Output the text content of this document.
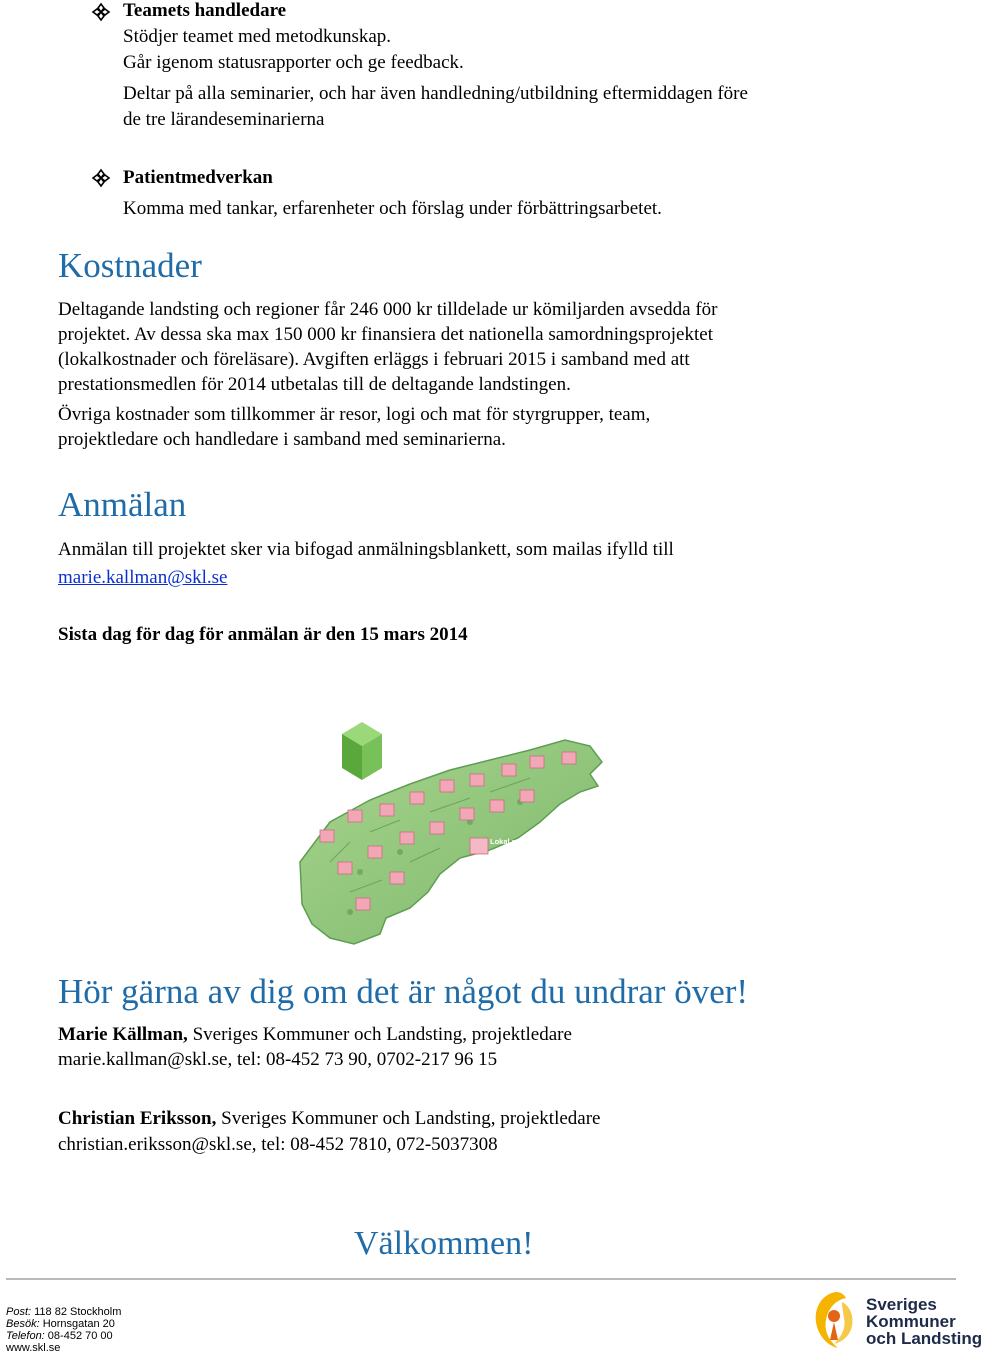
Teamets handledare
Stödjer teamet med metodkunskap.
Går igenom statusrapporter och ge feedback.
Deltar på alla seminarier, och har även handledning/utbildning eftermiddagen före
de tre lärandeseminarierna
Patientmedverkan
Komma med tankar, erfarenheter och förslag under förbättringsarbetet.
Kostnader
Deltagande landsting och regioner får 246 000 kr tilldelade ur kömiljarden avsedda för
projektet. Av dessa ska max 150 000 kr finansiera det nationella samordningsprojektet
(lokalkostnader och föreläsare). Avgiften erläggs i februari 2015 i samband med att
prestationsmedlen för 2014 utbetalas till de deltagande landstingen.
Övriga kostnader som tillkommer är resor, logi och mat för styrgrupper, team,
projektledare och handledare i samband med seminarierna.
Anmälan
Anmälan till projektet sker via bifogad anmälningsblankett, som mailas ifylld till
marie.kallman@skl.se
Sista dag för dag för anmälan är den 15 mars 2014
Nationell styrgrupp
Projektledning
Lokal styrgrupp
Projektledning/team
Hör gärna av dig om det är något du undrar över!
Marie Källman, Sveriges Kommuner och Landsting, projektledare
marie.kallman@skl.se, tel: 08-452 73 90, 0702-217 96 15
Christian Eriksson, Sveriges Kommuner och Landsting, projektledare
christian.eriksson@skl.se, tel: 08-452 7810, 072-5037308
Välkommen!
Post: 118 82 Stockholm
Besök: Hornsgatan 20
Telefon: 08-452 70 00
www.skl.se
Sveriges
Kommuner
och Landsting
